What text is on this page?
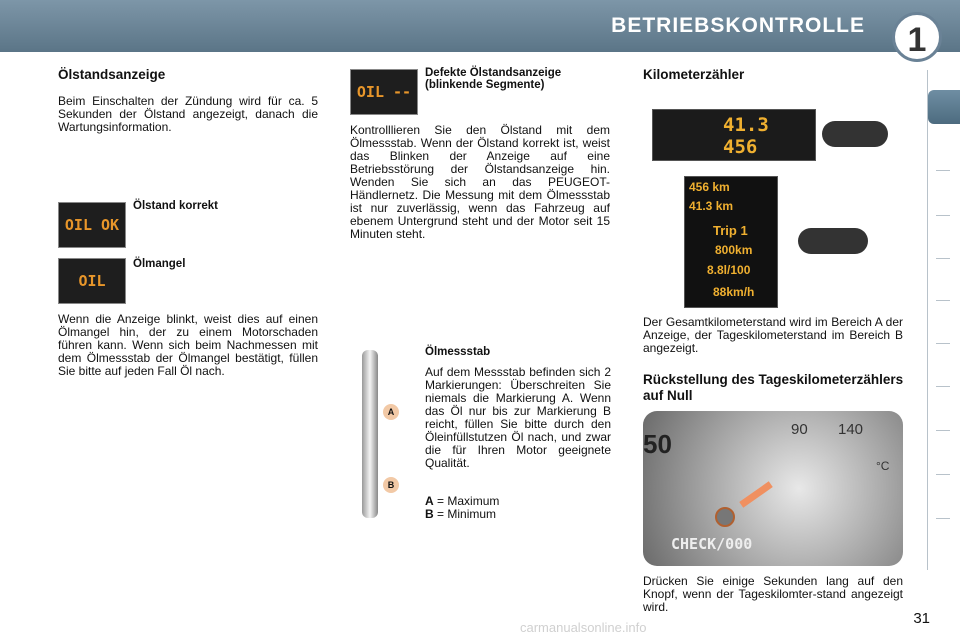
BETRIEBSKONTROLLE	1
Ölstandsanzeige

Beim Einschalten der Zündung wird für ca. 5 Sekunden der Ölstand angezeigt, danach die Wartungsinformation.

OIL OK
Ölstand korrekt
OIL
Ölmangel

Wenn die Anzeige blinkt, weist dies auf einen Ölmangel hin, der zu einem Motorschaden führen kann. Wenn sich beim Nachmessen mit dem Ölmessstab der Ölmangel bestätigt, füllen Sie bitte auf jeden Fall Öl nach.

OIL --
Defekte Ölstandsanzeige (blinkende Segmente)

Kontrolllieren Sie den Ölstand mit dem Ölmessstab. Wenn der Ölstand korrekt ist, weist das Blinken der Anzeige auf eine Betriebsstörung der Ölstandsanzeige hin. Wenden Sie sich an das PEUGEOT-Händlernetz. Die Messung mit dem Ölmessstab ist nur zuverlässig, wenn das Fahrzeug auf ebenem Untergrund steht und der Motor seit 15 Minuten steht.

A
B
Ölmessstab

Auf dem Messstab befinden sich 2 Markierungen: Überschreiten Sie niemals die Markierung A. Wenn das Öl nur bis zur Markierung B reicht, füllen Sie bitte durch den Öleinfüllstutzen Öl nach, und zwar die für Ihren Motor geeignete Qualität.

A = Maximum
B = Minimum
Kilometerzähler
41.3
456
456 km
41.3 km
Trip 1
800km
8.8l/100
88km/h

Der Gesamtkilometerstand wird im Bereich A der Anzeige, der Tageskilometerstand im Bereich B angezeigt.

Rückstellung des Tageskilometerzählers auf Null
50	90 140
°C
CHECK/000

Drücken Sie einige Sekunden lang auf den Knopf, wenn der Tageskilomter-stand angezeigt wird.

31
carmanualsonline.info
